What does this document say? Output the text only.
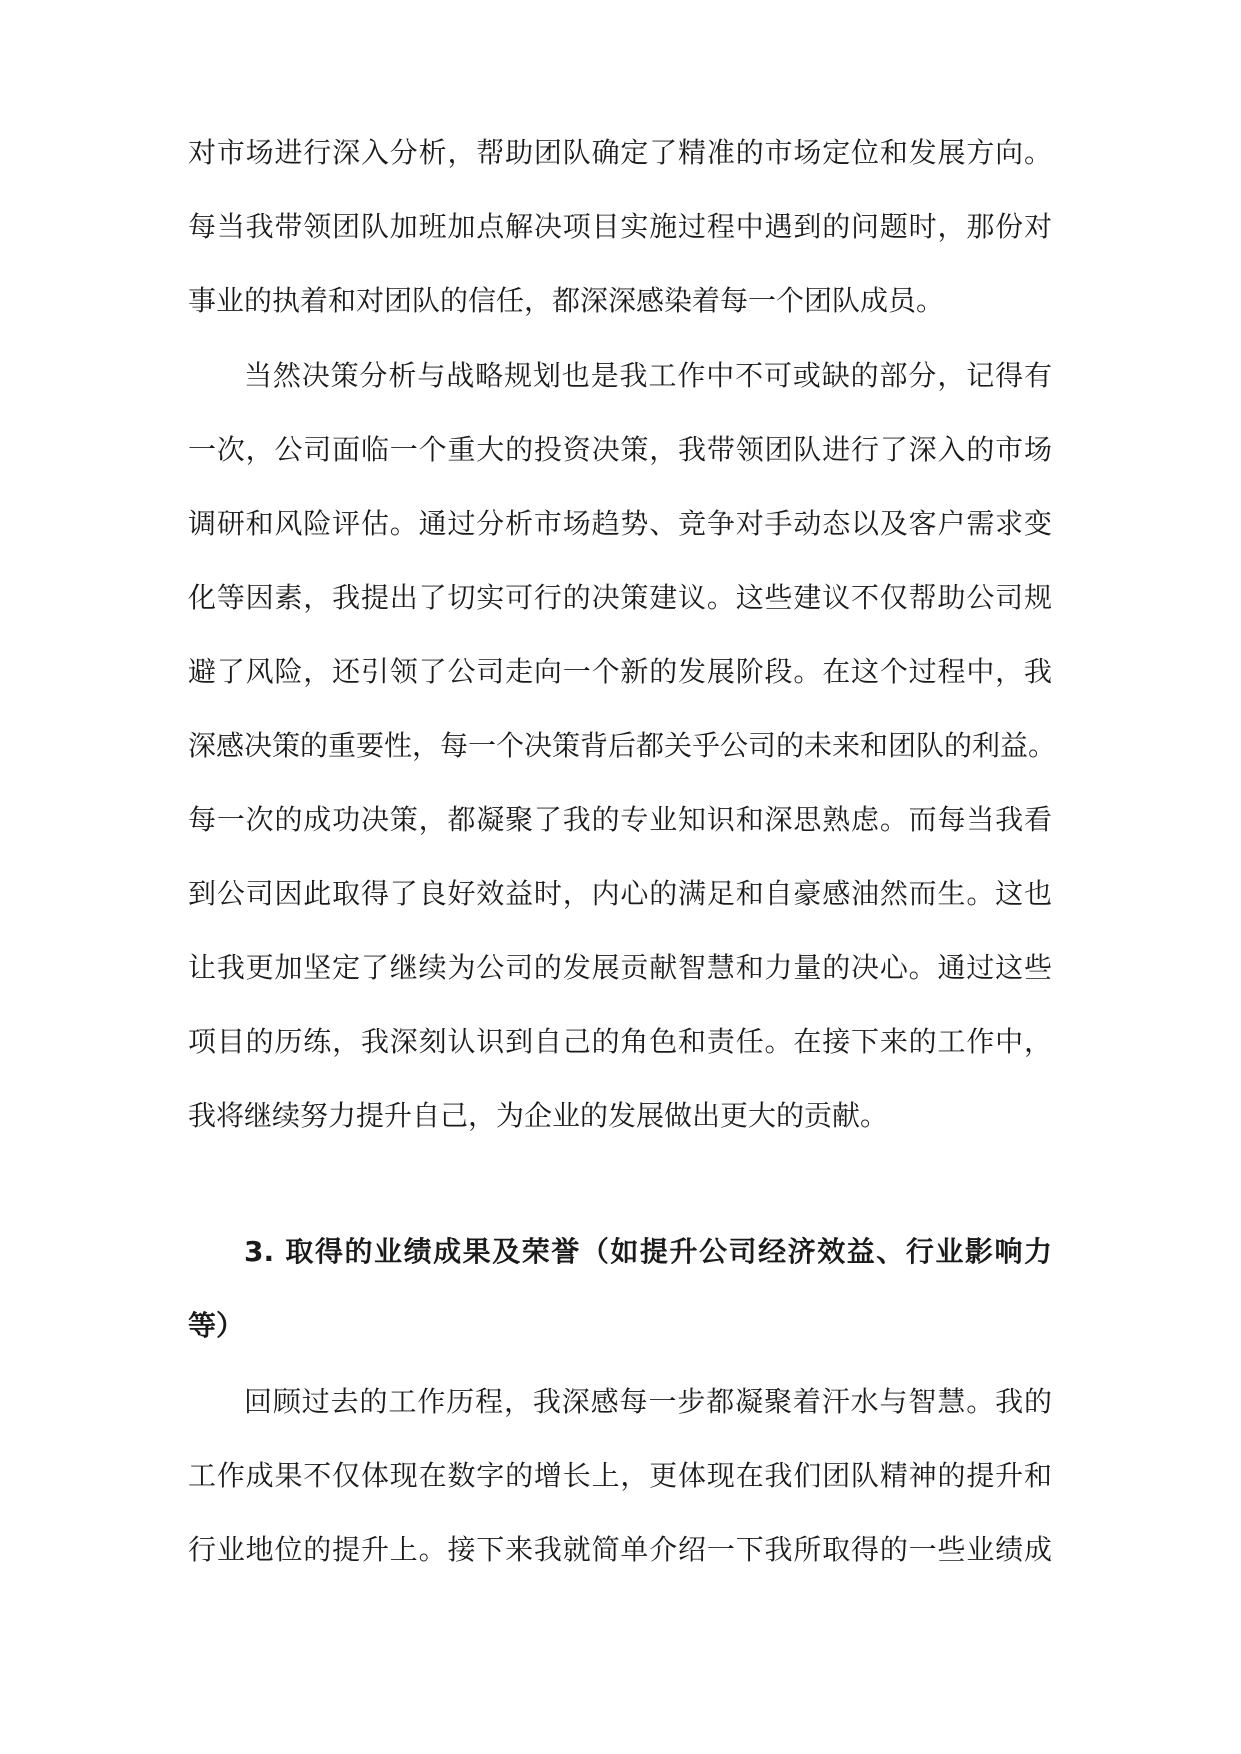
对市场进行深入分析，帮助团队确定了精准的市场定位和发展方向。
每当我带领团队加班加点解决项目实施过程中遇到的问题时，那份对
事业的执着和对团队的信任，都深深感染着每一个团队成员。
当然决策分析与战略规划也是我工作中不可或缺的部分，记得有
一次，公司面临一个重大的投资决策，我带领团队进行了深入的市场
调研和风险评估。通过分析市场趋势、竞争对手动态以及客户需求变
化等因素，我提出了切实可行的决策建议。这些建议不仅帮助公司规
避了风险，还引领了公司走向一个新的发展阶段。在这个过程中，我
深感决策的重要性，每一个决策背后都关乎公司的未来和团队的利益。
每一次的成功决策，都凝聚了我的专业知识和深思熟虑。而每当我看
到公司因此取得了良好效益时，内心的满足和自豪感油然而生。这也
让我更加坚定了继续为公司的发展贡献智慧和力量的决心。通过这些
项目的历练，我深刻认识到自己的角色和责任。在接下来的工作中，
我将继续努力提升自己，为企业的发展做出更大的贡献。
3. 取得的业绩成果及荣誉（如提升公司经济效益、行业影响力
等）
回顾过去的工作历程，我深感每一步都凝聚着汗水与智慧。我的
工作成果不仅体现在数字的增长上，更体现在我们团队精神的提升和
行业地位的提升上。接下来我就简单介绍一下我所取得的一些业绩成
